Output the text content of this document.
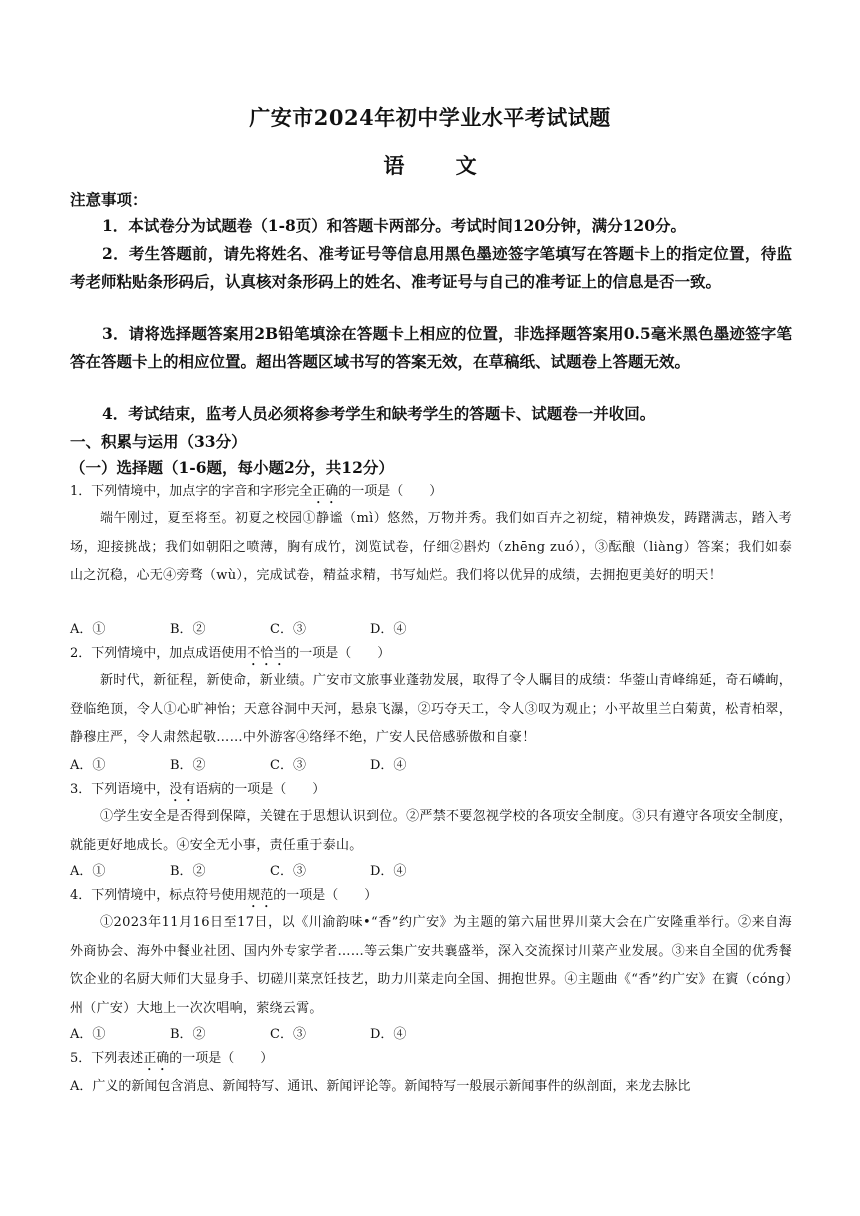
广安市2024年初中学业水平考试试题
语 文
注意事项：
1．本试卷分为试题卷（1-8页）和答题卡两部分。考试时间120分钟，满分120分。
2．考生答题前，请先将姓名、准考证号等信息用黑色墨迹签字笔填写在答题卡上的指定位置，待监考老师粘贴条形码后，认真核对条形码上的姓名、准考证号与自己的准考证上的信息是否一致。
3．请将选择题答案用2B铅笔填涂在答题卡上相应的位置，非选择题答案用0.5毫米黑色墨迹签字笔答在答题卡上的相应位置。超出答题区域书写的答案无效，在草稿纸、试题卷上答题无效。
4．考试结束，监考人员必须将参考学生和缺考学生的答题卡、试题卷一并收回。
一、积累与运用（33分）
（一）选择题（1-6题，每小题2分，共12分）
1．下列情境中，加点字的字音和字形完全正确的一项是（　　）
端午刚过，夏至将至。初夏之校园①静谧（mì）悠然，万物并秀。我们如百卉之初绽，精神焕发，踌躇满志，踏入考场，迎接挑战；我们如朝阳之喷薄，胸有成竹，浏览试卷，仔细②斟灼（zhēng zuó），③酝酿（liàng）答案；我们如泰山之沉稳，心无④旁骛（wù），完成试卷，精益求精，书写灿烂。我们将以优异的成绩，去拥抱更美好的明天！
A．①	B．②	C．③	D．④
2．下列情境中，加点成语使用不恰当的一项是（　　）
新时代，新征程，新使命，新业绩。广安市文旅事业蓬勃发展，取得了令人瞩目的成绩：华蓥山青峰绵延，奇石嶙峋，登临绝顶，令人①心旷神怡；天意谷洞中天河，悬泉飞瀑，②巧夺天工，令人③叹为观止；小平故里兰白菊黄，松青柏翠，静穆庄严，令人肃然起敬……中外游客④络绎不绝，广安人民倍感骄傲和自豪！
A．①	B．②	C．③	D．④
3．下列语境中，没有语病的一项是（　　）
①学生安全是否得到保障，关键在于思想认识到位。②严禁不要忽视学校的各项安全制度。③只有遵守各项安全制度，就能更好地成长。④安全无小事，责任重于泰山。
A．①	B．②	C．③	D．④
4．下列情境中，标点符号使用规范的一项是（　　）
①2023年11月16日至17日，以《川渝韵味•“香”约广安》为主题的第六届世界川菜大会在广安隆重举行。②来自海外商协会、海外中餐业社团、国内外专家学者……等云集广安共襄盛举，深入交流探讨川菜产业发展。③来自全国的优秀餐饮企业的名厨大师们大显身手、切磋川菜烹饪技艺，助力川菜走向全国、拥抱世界。④主题曲《“香”约广安》在賨（cóng）州（广安）大地上一次次唱响，萦绕云霄。
A．①	B．②	C．③	D．④
5．下列表述正确的一项是（　　）
A．广义的新闻包含消息、新闻特写、通讯、新闻评论等。新闻特写一般展示新闻事件的纵剖面，来龙去脉比
